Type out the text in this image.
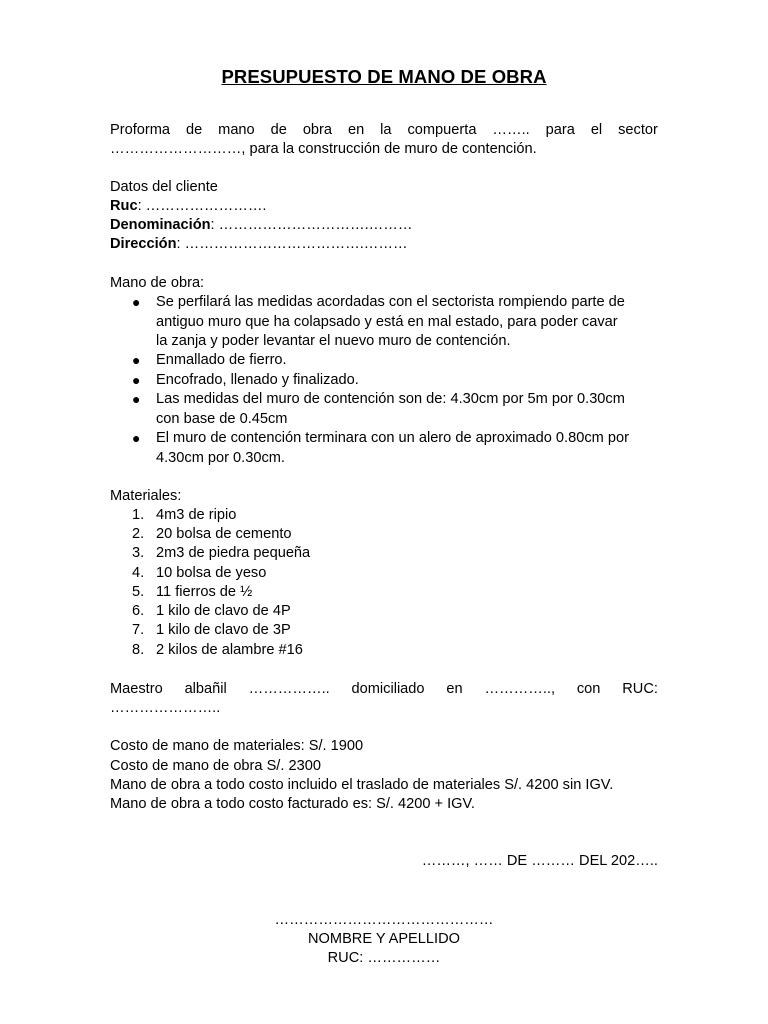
PRESUPUESTO DE MANO DE OBRA
Proforma de mano de obra en la compuerta …….. para el sector
………………………, para la construcción de muro de contención.
Datos del cliente
Ruc: …………………….
Denominación: ………………………….………
Dirección: ……………………………….………
Mano de obra:
● Se perfilará las medidas acordadas con el sectorista rompiendo parte de
antiguo muro que ha colapsado y está en mal estado, para poder cavar
la zanja y poder levantar el nuevo muro de contención.
● Enmallado de fierro.
● Encofrado, llenado y finalizado.
● Las medidas del muro de contención son de: 4.30cm por 5m por 0.30cm
con base de 0.45cm
● El muro de contención terminara con un alero de aproximado 0.80cm por
4.30cm por 0.30cm.
Materiales:
1. 4m3 de ripio
2. 20 bolsa de cemento
3. 2m3 de piedra pequeña
4. 10 bolsa de yeso
5. 11 fierros de ½
6. 1 kilo de clavo de 4P
7. 1 kilo de clavo de 3P
8. 2 kilos de alambre #16
Maestro albañil …………….. domiciliado en ………….., con RUC:
…………………..
Costo de mano de materiales: S/. 1900
Costo de mano de obra S/. 2300
Mano de obra a todo costo incluido el traslado de materiales S/. 4200 sin IGV.
Mano de obra a todo costo facturado es: S/. 4200 + IGV.
………, …… DE ……… DEL 202…..
………………………………………
NOMBRE Y APELLIDO
RUC: ……………
